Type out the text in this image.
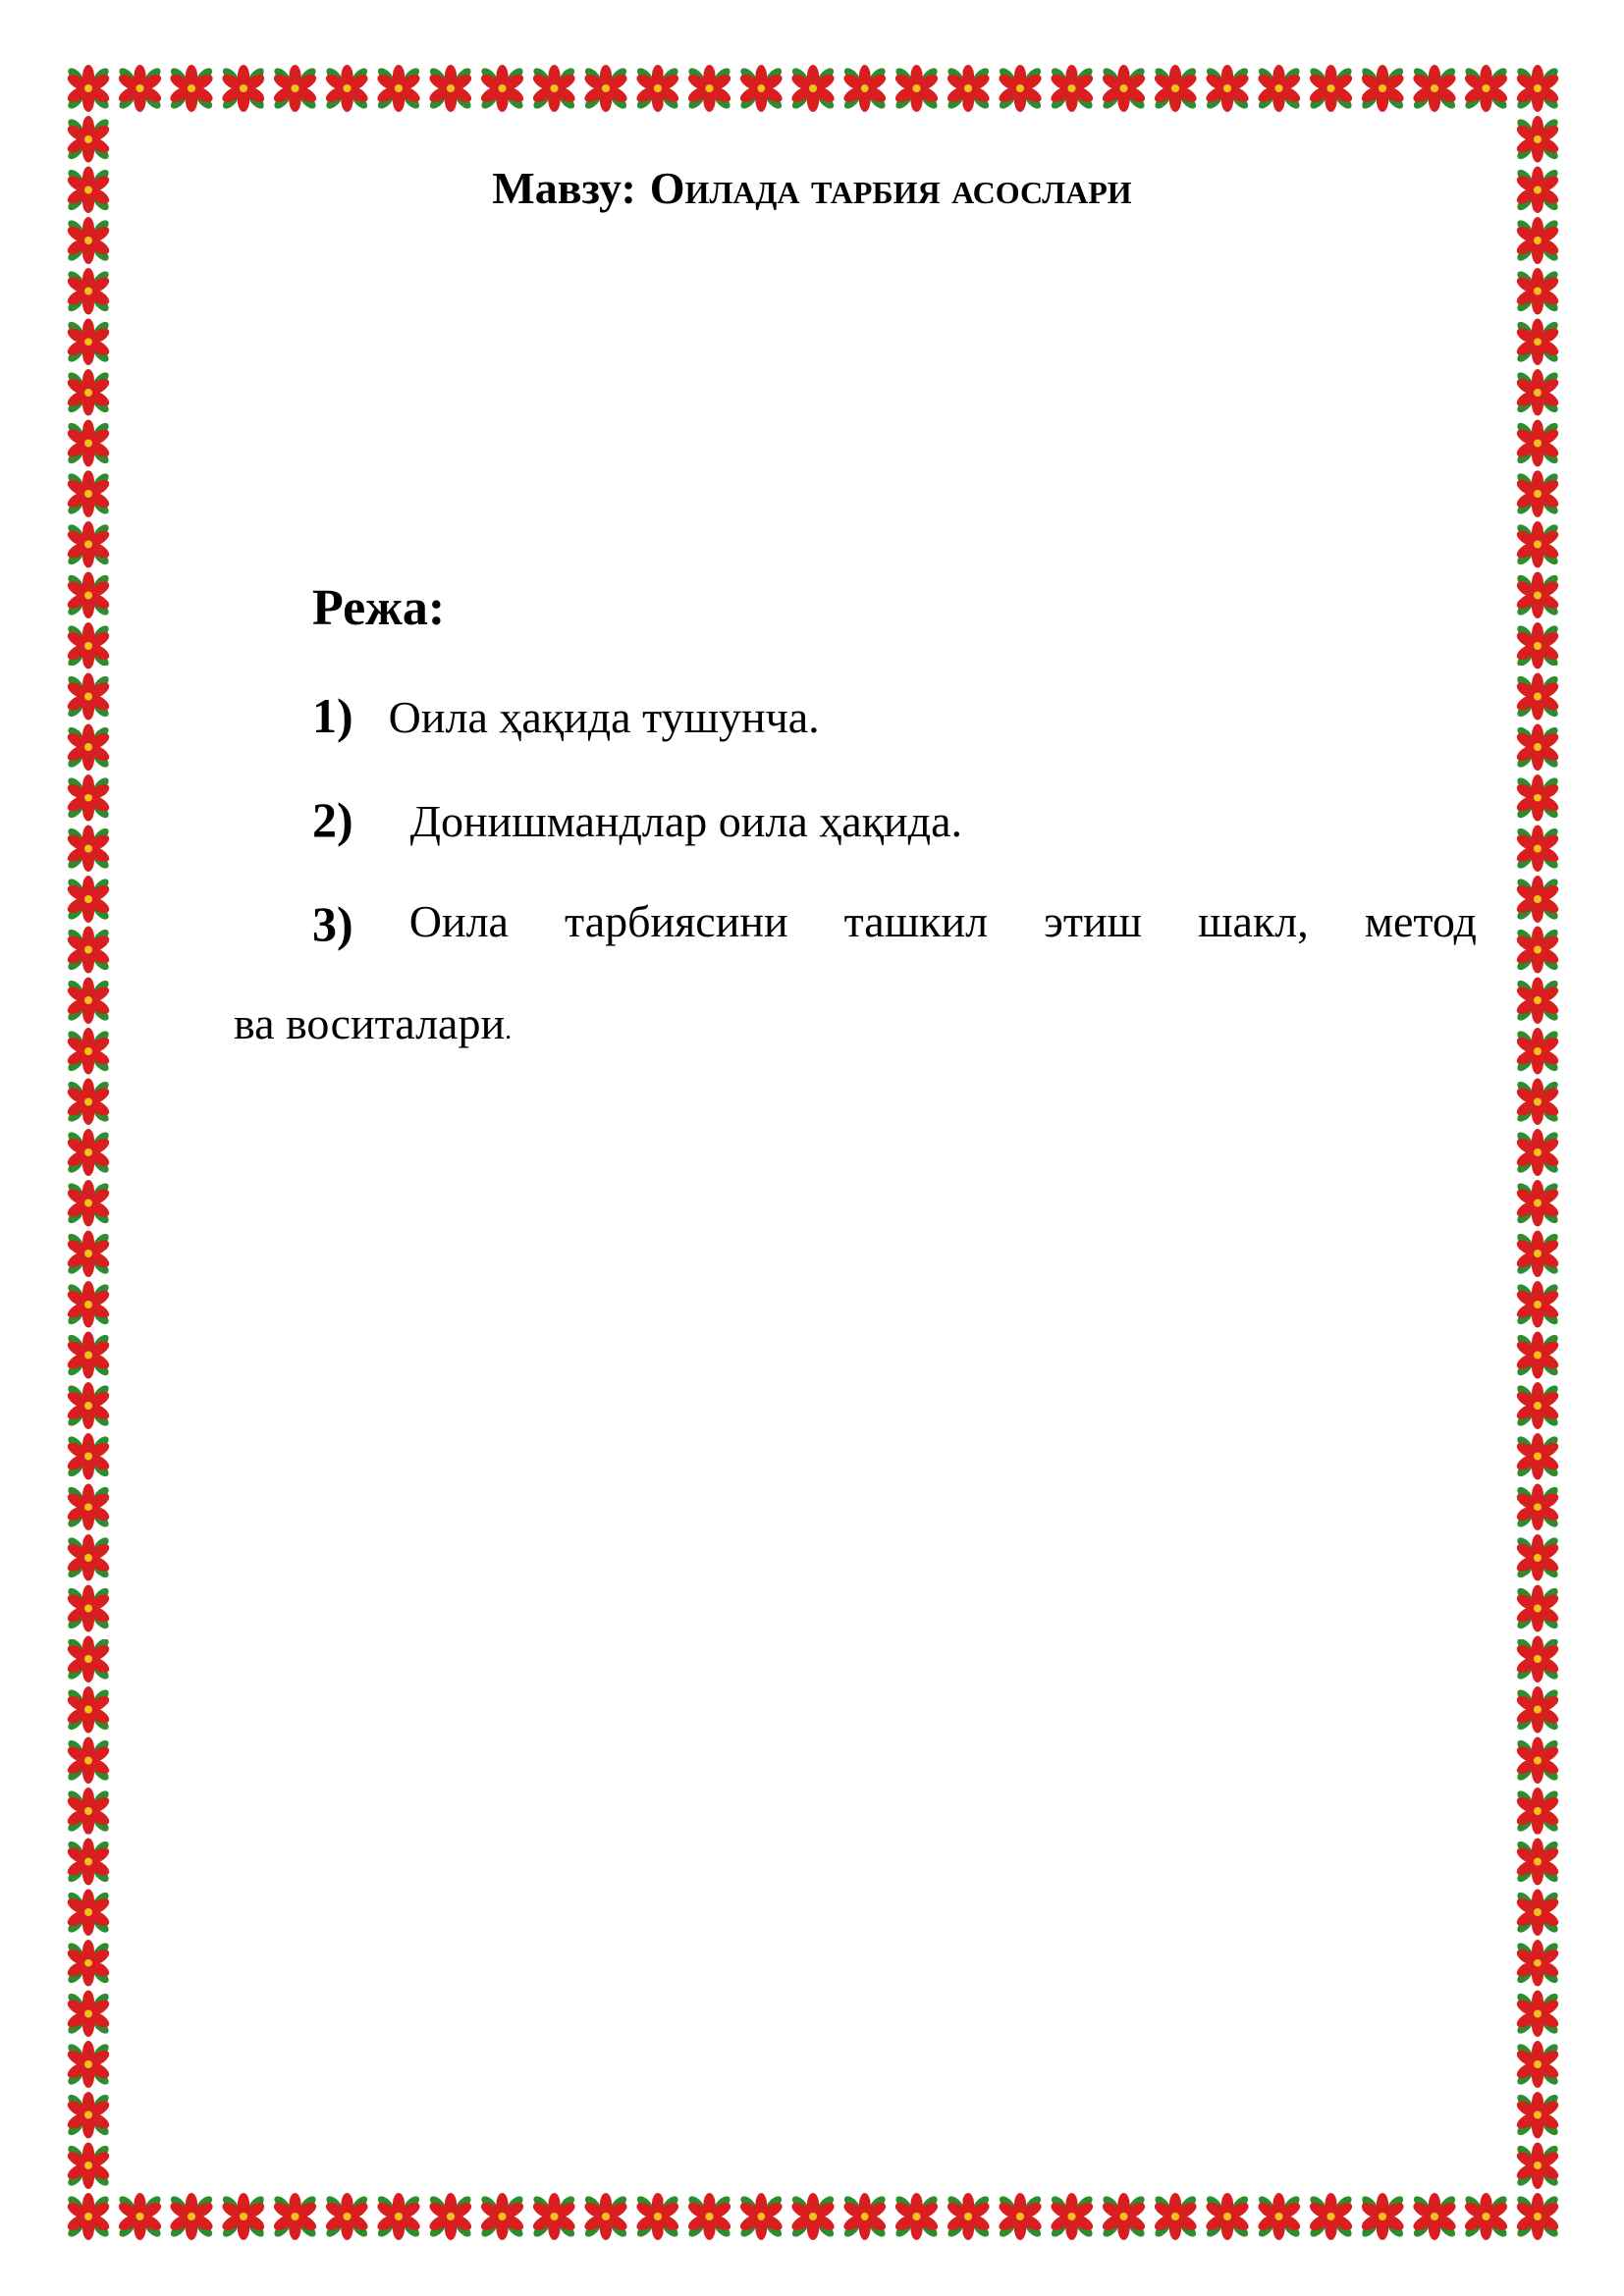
Мавзу: Оилада тарбия асослари
Режа:
1) Оила ҳақида тушунча.
2) Донишмандлар оила ҳақида.
3) Оила тарбиясини ташкил этиш шакл, метод
ва воситалари.
